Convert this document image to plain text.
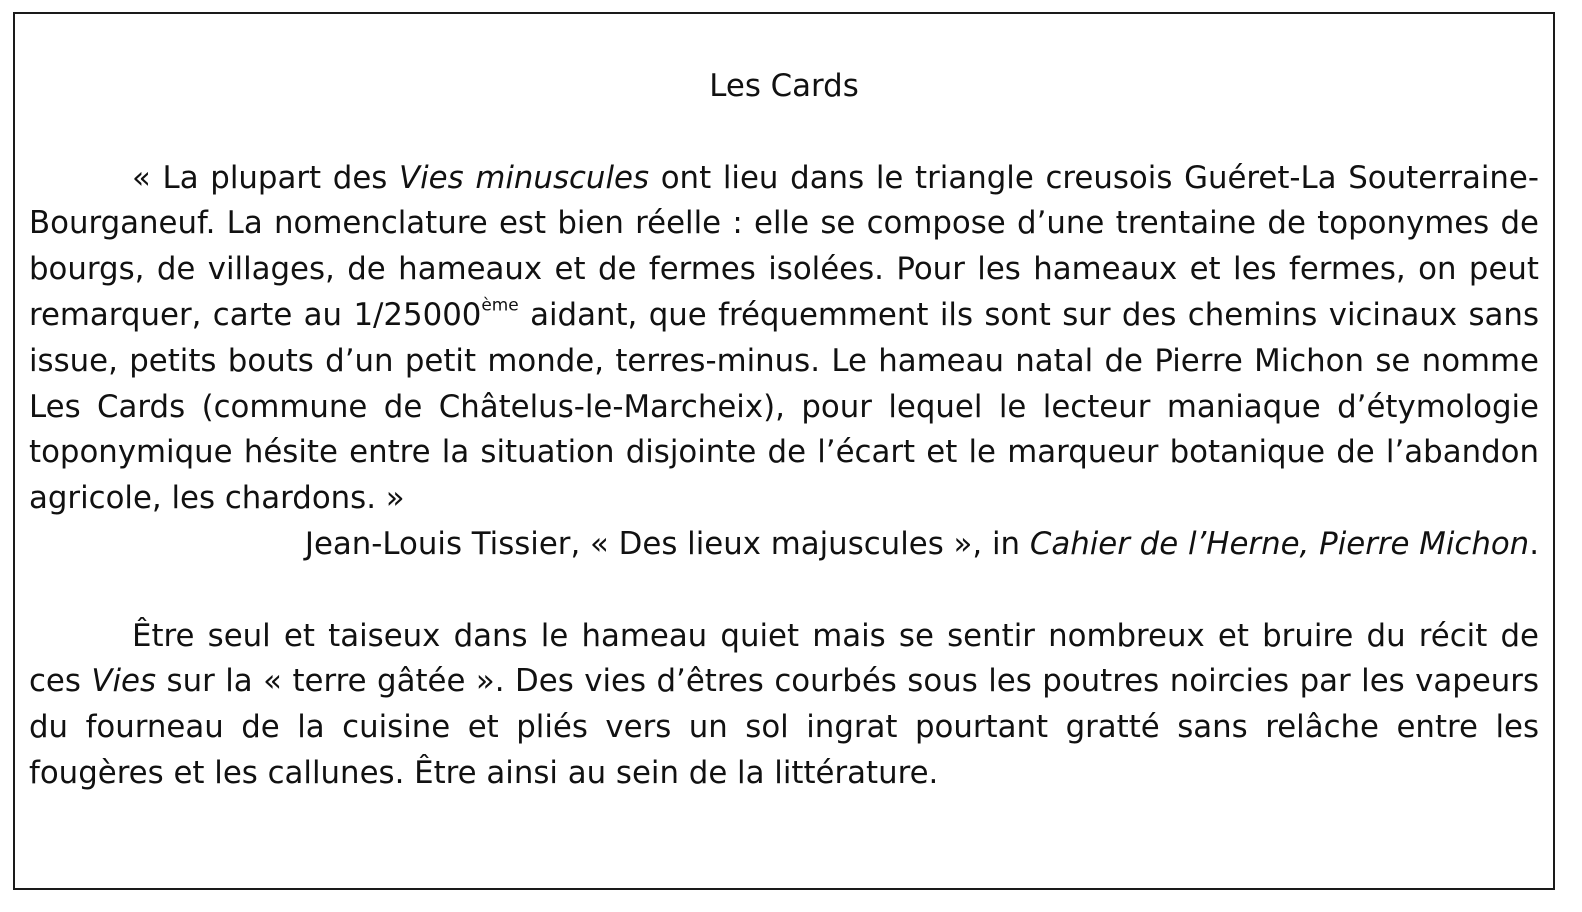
Les Cards

« La plupart des Vies minuscules ont lieu dans le triangle creusois Guéret-La Souterraine-Bourganeuf. La nomenclature est bien réelle : elle se compose d’une trentaine de toponymes de bourgs, de villages, de hameaux et de fermes isolées. Pour les hameaux et les fermes, on peut remarquer, carte au 1/25000ème aidant, que fréquemment ils sont sur des chemins vicinaux sans issue, petits bouts d’un petit monde, terres-minus. Le hameau natal de Pierre Michon se nomme Les Cards (commune de Châtelus-le-Marcheix), pour lequel le lecteur maniaque d’étymologie toponymique hésite entre la situation disjointe de l’écart et le marqueur botanique de l’abandon agricole, les chardons. »

Jean-Louis Tissier, « Des lieux majuscules », in Cahier de l’Herne, Pierre Michon.

Être seul et taiseux dans le hameau quiet mais se sentir nombreux et bruire du récit de ces Vies sur la « terre gâtée ». Des vies d’êtres courbés sous les poutres noircies par les vapeurs du fourneau de la cuisine et pliés vers un sol ingrat pourtant gratté sans relâche entre les fougères et les callunes. Être ainsi au sein de la littérature.
